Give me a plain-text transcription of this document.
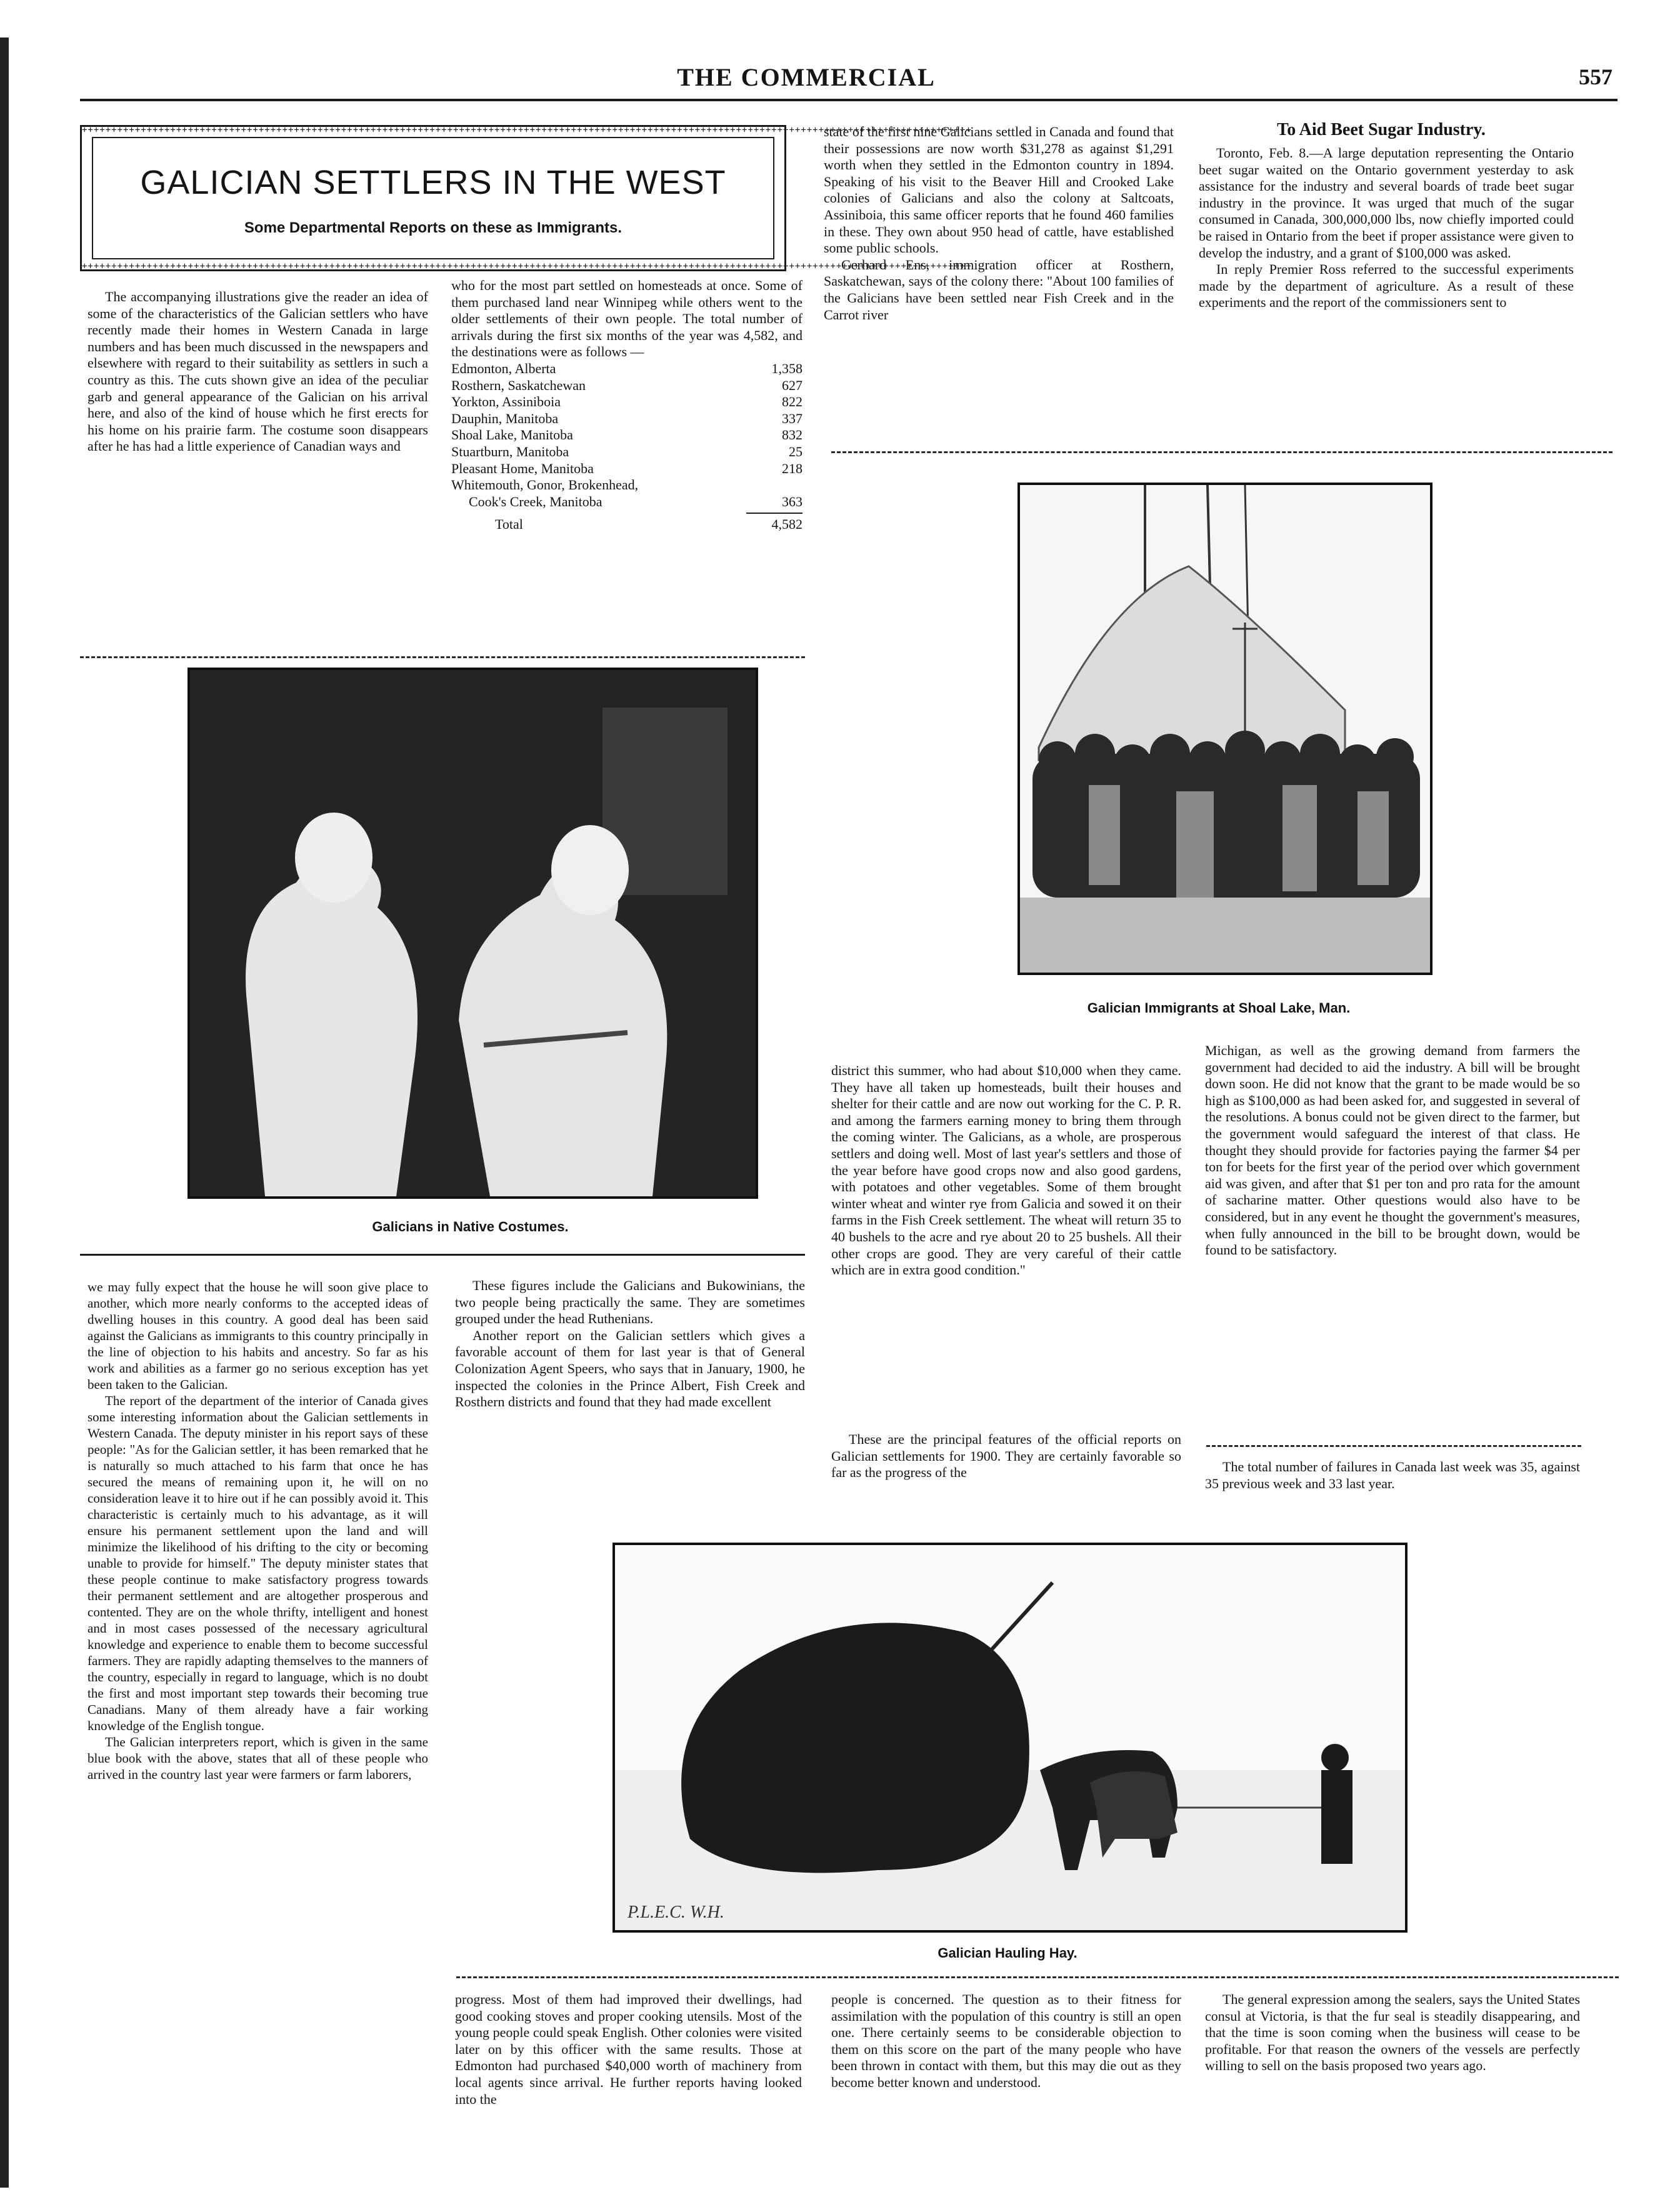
THE COMMERCIAL	557
+++++++++++++++++++++++++++++++++++++++++++++++++++++++++++++++++++++++++++++++++++++++++++++++++++++++++++++++++++++++++++++++++++++++++++++++++++++++
+++++++++++++++++++++++++++++++++++++++++++++++++++++++++++++++++++++++++++++++++++++++++++++++++++++++++++++++++++++++++++++++++++++++++++++++++++++++
GALICIAN SETTLERS IN THE WEST
Some Departmental Reports on these as Immigrants.

The accompanying illustrations give the reader an idea of some of the characteristics of the Galician settlers who have recently made their homes in Western Canada in large numbers and has been much discussed in the newspapers and elsewhere with regard to their suitability as settlers in such a country as this. The cuts shown give an idea of the peculiar garb and general appearance of the Galician on his arrival here, and also of the kind of house which he first erects for his home on his prairie farm. The costume soon disappears after he has had a little experience of Canadian ways and

who for the most part settled on homesteads at once. Some of them purchased land near Winnipeg while others went to the older settlements of their own people. The total number of arrivals during the first six months of the year was 4,582, and the destinations were as follows —

Edmonton, Alberta	1,358
Rosthern, Saskatchewan	627
Yorkton, Assiniboia	822
Dauphin, Manitoba	337
Shoal Lake, Manitoba	832
Stuartburn, Manitoba	25
Pleasant Home, Manitoba	218
Whitemouth, Gonor, Brokenhead,	
Cook's Creek, Manitoba	363
Total	4,582

state of the first nine Galicians settled in Canada and found that their possessions are now worth $31,278 as against $1,291 worth when they settled in the Edmonton country in 1894. Speaking of his visit to the Beaver Hill and Crooked Lake colonies of Galicians and also the colony at Saltcoats, Assiniboia, this same officer reports that he found 460 families in these. They own about 950 head of cattle, have established some public schools.

Gerhard Ens, immigration officer at Rosthern, Saskatchewan, says of the colony there: "About 100 families of the Galicians have been settled near Fish Creek and in the Carrot river

To Aid Beet Sugar Industry.

Toronto, Feb. 8.—A large deputation representing the Ontario beet sugar waited on the Ontario government yesterday to ask assistance for the industry and several boards of trade beet sugar industry in the province. It was urged that much of the sugar consumed in Canada, 300,000,000 lbs, now chiefly imported could be raised in Ontario from the beet if proper assistance were given to develop the industry, and a grant of $100,000 was asked.

In reply Premier Ross referred to the successful experiments made by the department of agriculture. As a result of these experiments and the report of the commissioners sent to

Galician Immigrants at Shoal Lake, Man.
Galicians in Native Costumes.

district this summer, who had about $10,000 when they came. They have all taken up homesteads, built their houses and shelter for their cattle and are now out working for the C. P. R. and among the farmers earning money to bring them through the coming winter. The Galicians, as a whole, are prosperous settlers and doing well. Most of last year's settlers and those of the year before have good crops now and also good gardens, with potatoes and other vegetables. Some of them brought winter wheat and winter rye from Galicia and sowed it on their farms in the Fish Creek settlement. The wheat will return 35 to 40 bushels to the acre and rye about 20 to 25 bushels. All their other crops are good. They are very careful of their cattle which are in extra good condition."

Michigan, as well as the growing demand from farmers the government had decided to aid the industry. A bill will be brought down soon. He did not know that the grant to be made would be so high as $100,000 as had been asked for, and suggested in several of the resolutions. A bonus could not be given direct to the farmer, but the government would safeguard the interest of that class. He thought they should provide for factories paying the farmer $4 per ton for beets for the first year of the period over which government aid was given, and after that $1 per ton and pro rata for the amount of sacharine matter. Other questions would also have to be considered, but in any event he thought the government's measures, when fully announced in the bill to be brought down, would be found to be satisfactory.

The total number of failures in Canada last week was 35, against 35 previous week and 33 last year.

we may fully expect that the house he will soon give place to another, which more nearly conforms to the accepted ideas of dwelling houses in this country. A good deal has been said against the Galicians as immigrants to this country principally in the line of objection to his habits and ancestry. So far as his work and abilities as a farmer go no serious exception has yet been taken to the Galician.

The report of the department of the interior of Canada gives some interesting information about the Galician settlements in Western Canada. The deputy minister in his report says of these people: "As for the Galician settler, it has been remarked that he is naturally so much attached to his farm that once he has secured the means of remaining upon it, he will on no consideration leave it to hire out if he can possibly avoid it. This characteristic is certainly much to his advantage, as it will ensure his permanent settlement upon the land and will minimize the likelihood of his drifting to the city or becoming unable to provide for himself." The deputy minister states that these people continue to make satisfactory progress towards their permanent settlement and are altogether prosperous and contented. They are on the whole thrifty, intelligent and honest and in most cases possessed of the necessary agricultural knowledge and experience to enable them to become successful farmers. They are rapidly adapting themselves to the manners of the country, especially in regard to language, which is no doubt the first and most important step towards their becoming true Canadians. Many of them already have a fair working knowledge of the English tongue.

The Galician interpreters report, which is given in the same blue book with the above, states that all of these people who arrived in the country last year were farmers or farm laborers,

These figures include the Galicians and Bukowinians, the two people being practically the same. They are sometimes grouped under the head Ruthenians.

Another report on the Galician settlers which gives a favorable account of them for last year is that of General Colonization Agent Speers, who says that in January, 1900, he inspected the colonies in the Prince Albert, Fish Creek and Rosthern districts and found that they had made excellent

These are the principal features of the official reports on Galician settlements for 1900. They are certainly favorable so far as the progress of the

P.L.E.C. W.H.
Galician Hauling Hay.

progress. Most of them had improved their dwellings, had good cooking stoves and proper cooking utensils. Most of the young people could speak English. Other colonies were visited later on by this officer with the same results. Those at Edmonton had purchased $40,000 worth of machinery from local agents since arrival. He further reports having looked into the

people is concerned. The question as to their fitness for assimilation with the population of this country is still an open one. There certainly seems to be considerable objection to them on this score on the part of the many people who have been thrown in contact with them, but this may die out as they become better known and understood.

The general expression among the sealers, says the United States consul at Victoria, is that the fur seal is steadily disappearing, and that the time is soon coming when the business will cease to be profitable. For that reason the owners of the vessels are perfectly willing to sell on the basis proposed two years ago.
